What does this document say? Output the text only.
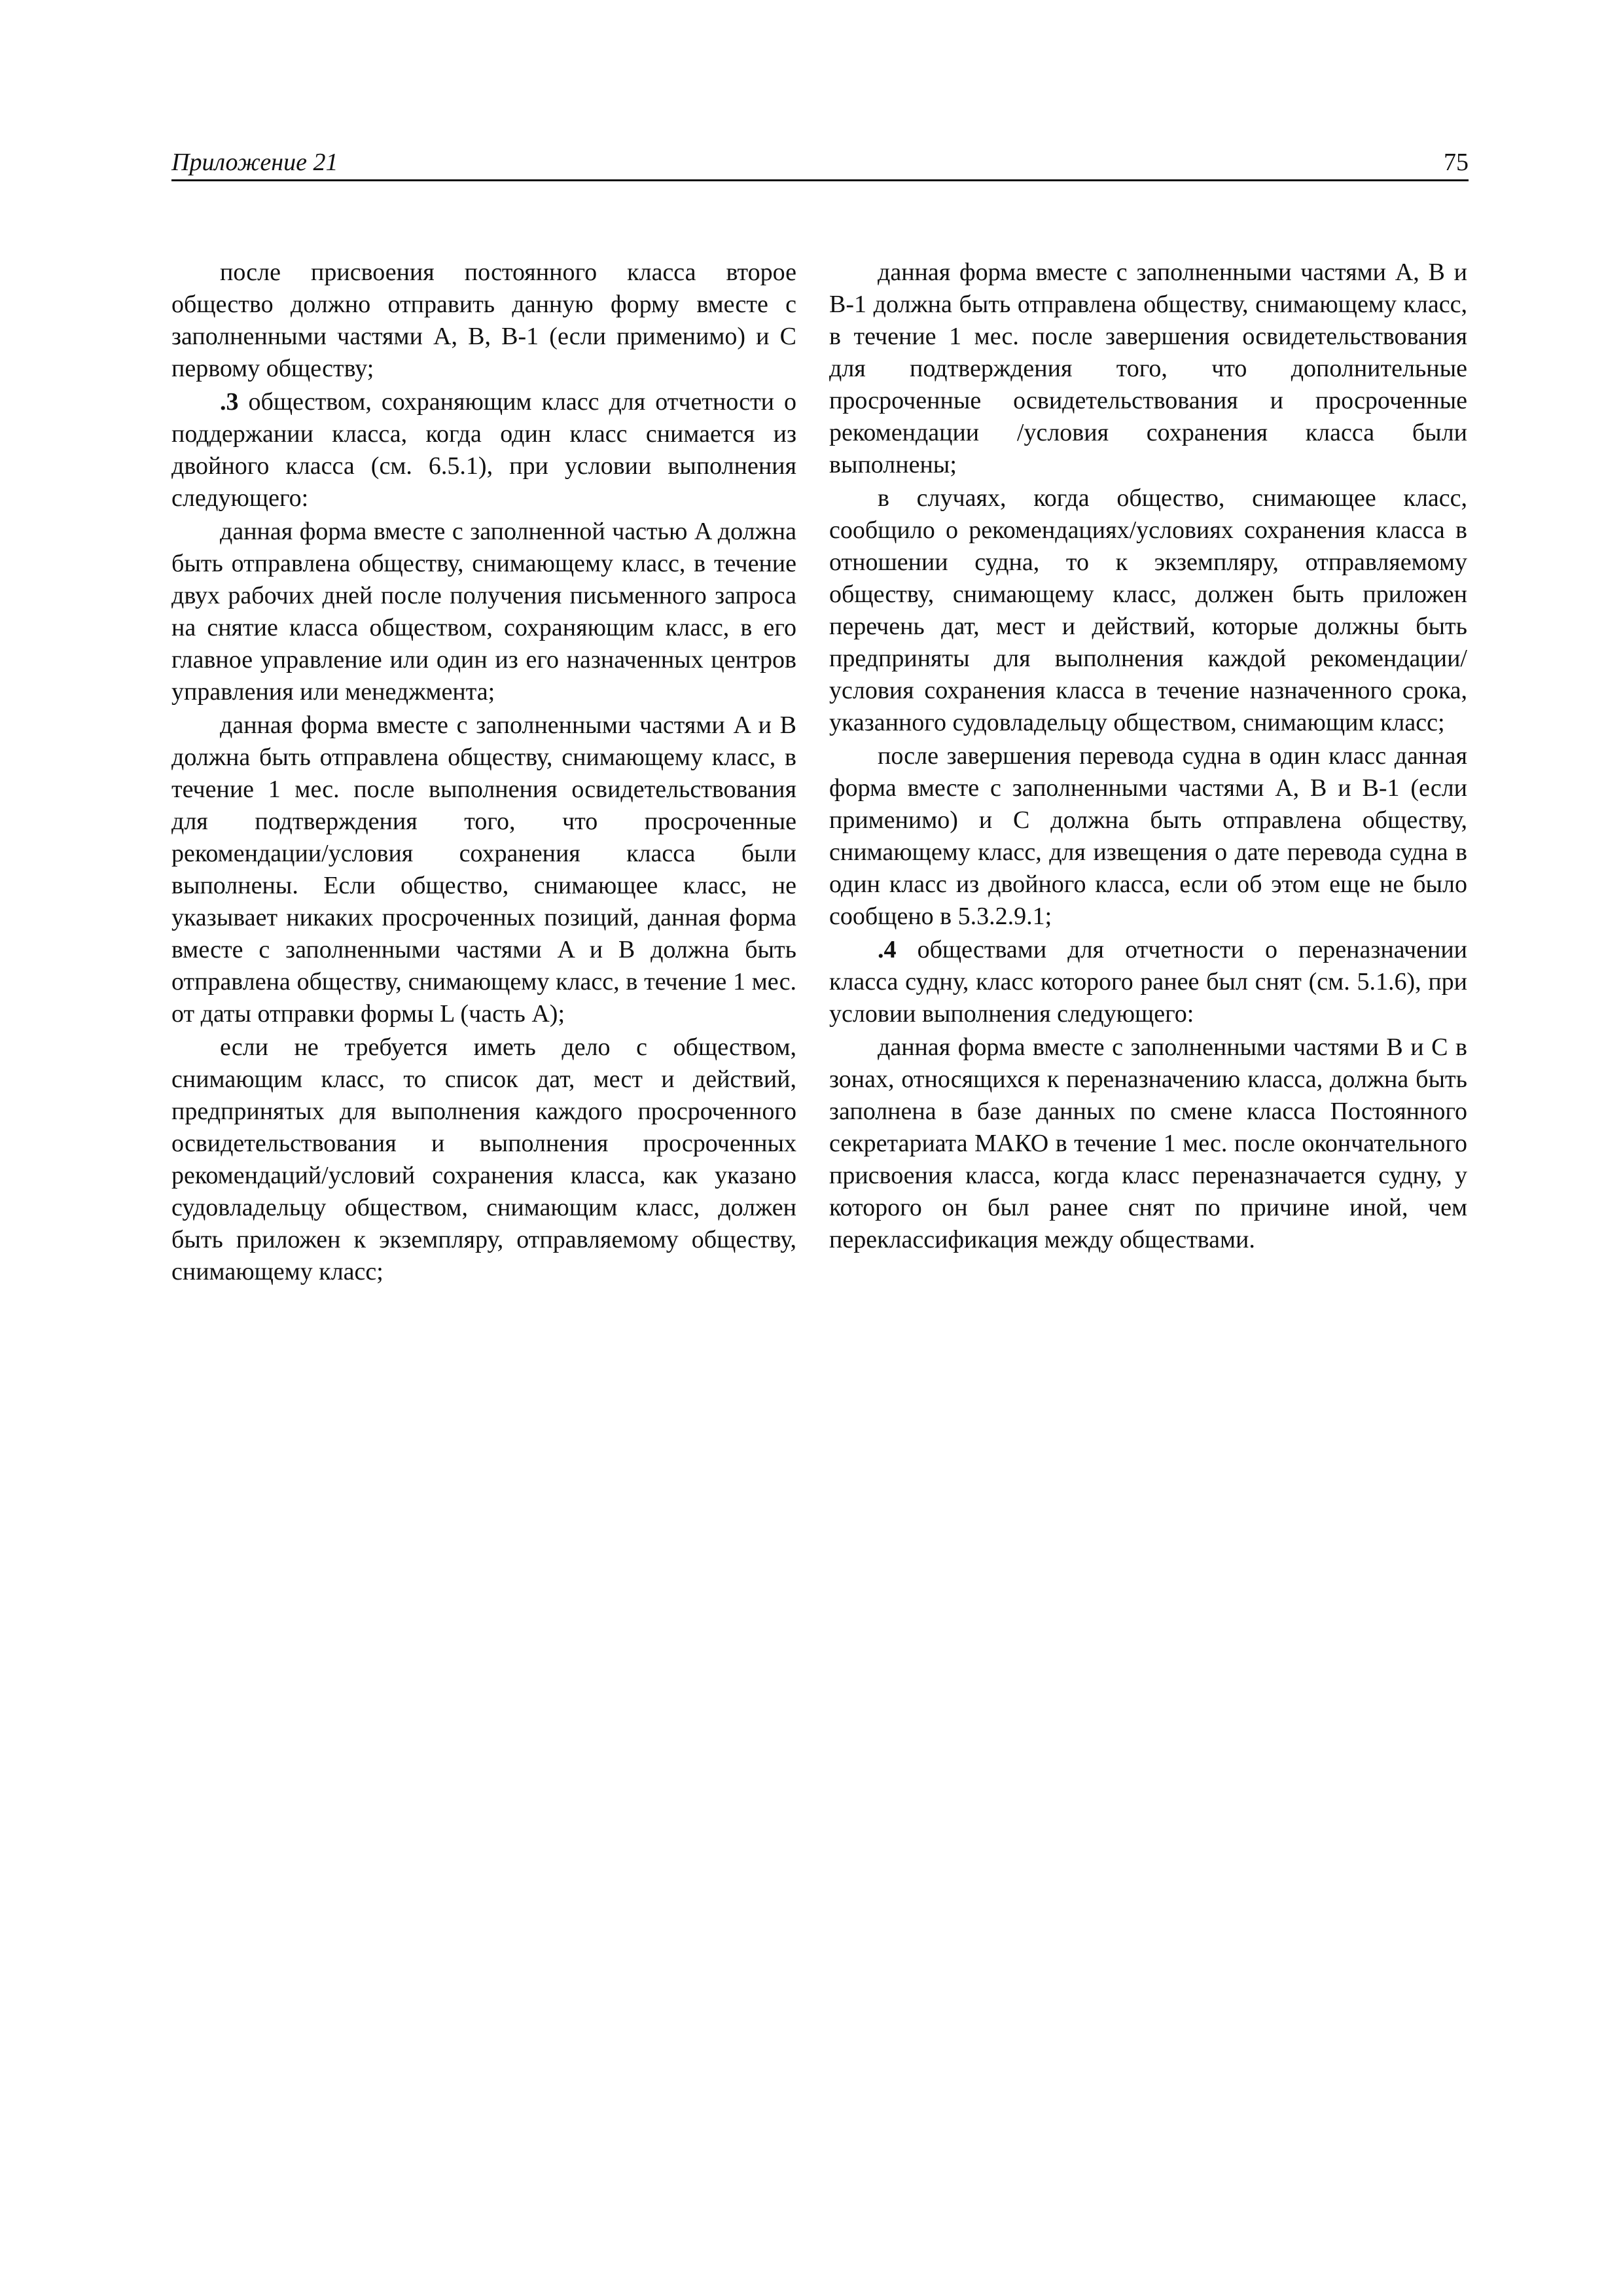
Приложение 21	75

после присвоения постоянного класса второе общество должно отправить данную форму вместе с заполненными частями A, B, B-1 (если применимо) и C первому обществу;

.3 обществом, сохраняющим класс для отчетности о поддержании класса, когда один класс снимается из двойного класса (см. 6.5.1), при условии выполнения следующего:

данная форма вместе с заполненной частью A должна быть отправлена обществу, снимающему класс, в течение двух рабочих дней после получения письменного запроса на снятие класса обществом, сохраняющим класс, в его главное управление или один из его назначенных центров управления или менеджмента;

данная форма вместе с заполненными частями A и B должна быть отправлена обществу, снимающему класс, в течение 1 мес. после выполнения освидетельствования для подтверждения того, что просроченные рекомендации/условия сохранения класса были выполнены. Если общество, снимающее класс, не указывает никаких просроченных позиций, данная форма вместе с заполненными частями A и B должна быть отправлена обществу, снимающему класс, в течение 1 мес. от даты отправки формы L (часть A);

если не требуется иметь дело с обществом, снимающим класс, то список дат, мест и действий, предпринятых для выполнения каждого просроченного освидетельствования и выполнения просроченных рекомендаций/условий сохранения класса, как указано судовладельцу обществом, снимающим класс, должен быть приложен к экземпляру, отправляемому обществу, снимающему класс;

данная форма вместе с заполненными частями A, B и B-1 должна быть отправлена обществу, снимающему класс, в течение 1 мес. после завершения освидетельствования для подтверждения того, что дополнительные просроченные освидетельствования и просроченные рекомендации /условия сохранения класса были выполнены;

в случаях, когда общество, снимающее класс, сообщило о рекомендациях/условиях сохранения класса в отношении судна, то к экземпляру, отправляемому обществу, снимающему класс, должен быть приложен перечень дат, мест и действий, которые должны быть предприняты для выполнения каждой рекомендации/условия сохранения класса в течение назначенного срока, указанного судовладельцу обществом, снимающим класс;

после завершения перевода судна в один класс данная форма вместе с заполненными частями A, B и B-1 (если применимо) и C должна быть отправлена обществу, снимающему класс, для извещения о дате перевода судна в один класс из двойного класса, если об этом еще не было сообщено в 5.3.2.9.1;

.4 обществами для отчетности о переназначении класса судну, класс которого ранее был снят (см. 5.1.6), при условии выполнения следующего:

данная форма вместе с заполненными частями B и C в зонах, относящихся к переназначению класса, должна быть заполнена в базе данных по смене класса Постоянного секретариата МАКО в течение 1 мес. после окончательного присвоения класса, когда класс переназначается судну, у которого он был ранее снят по причине иной, чем переклассификация между обществами.
